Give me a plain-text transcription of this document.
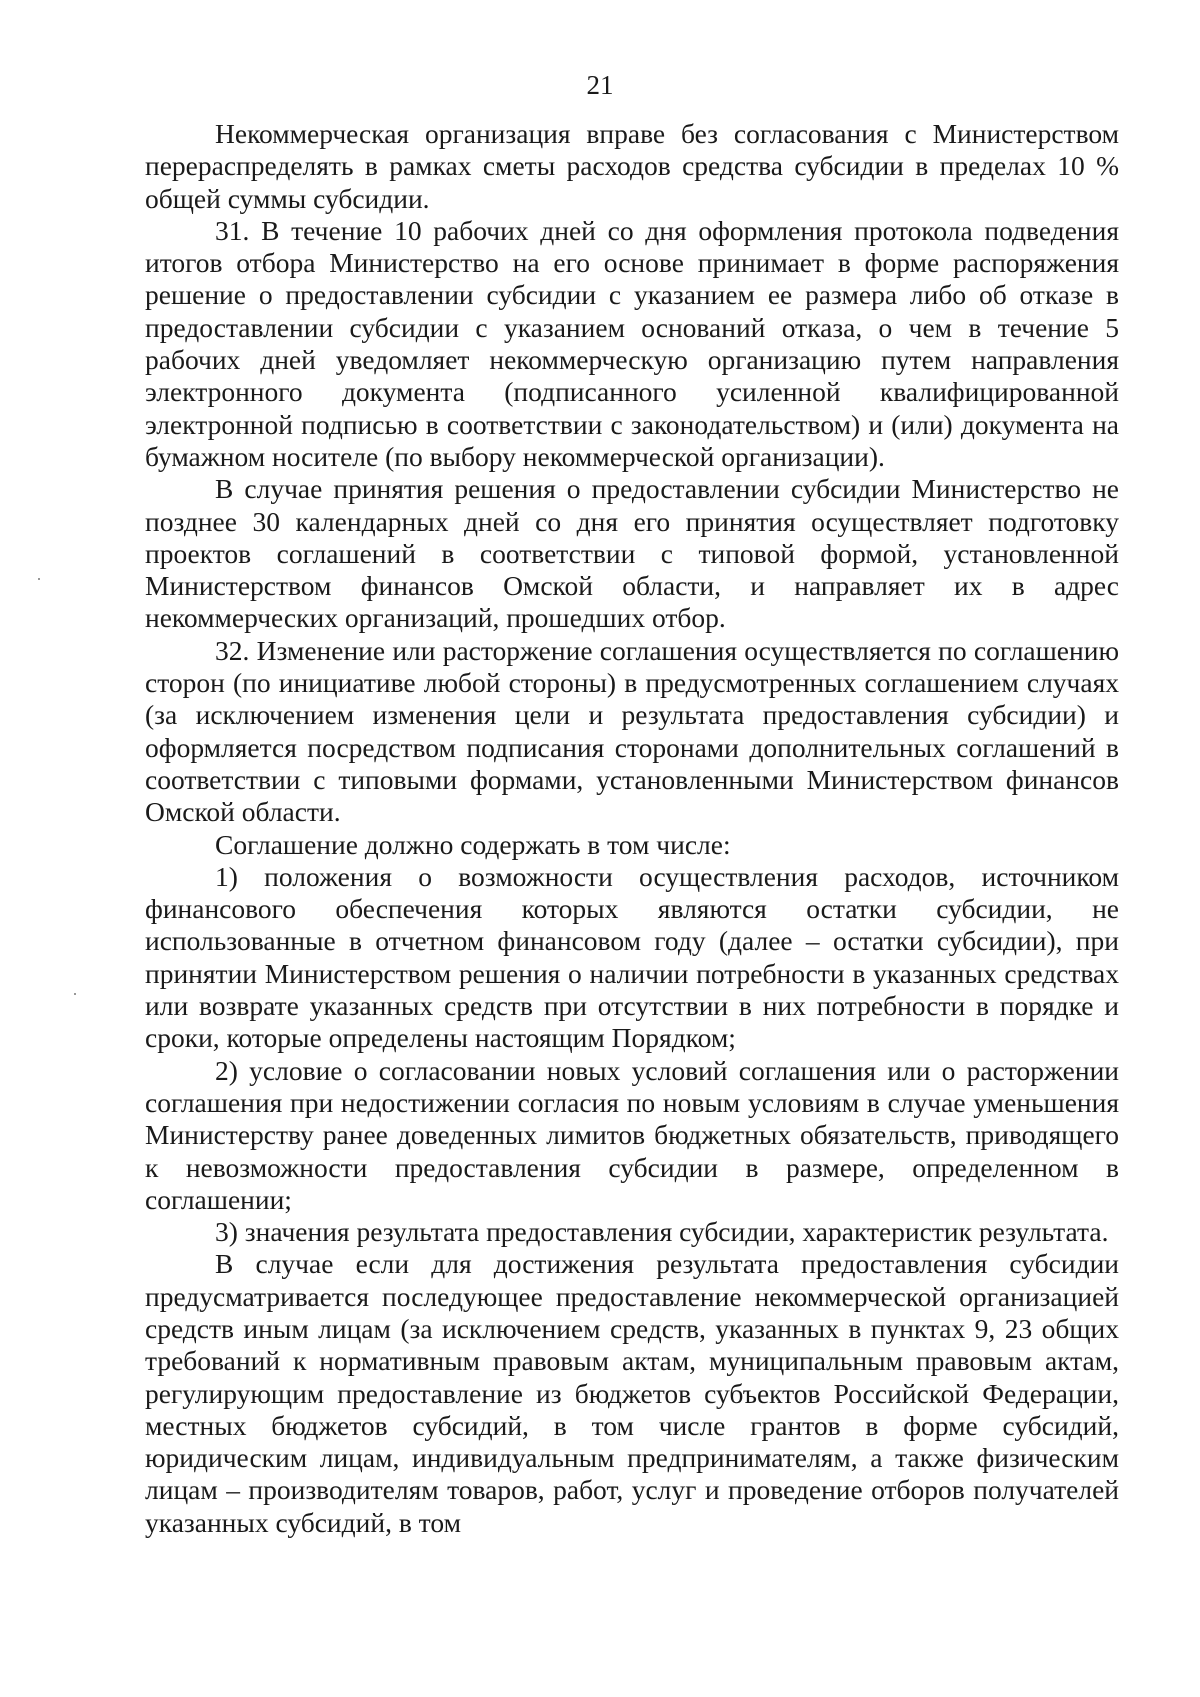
21

Некоммерческая организация вправе без согласования с Министерством перераспределять в рамках сметы расходов средства субсидии в пределах 10 % общей суммы субсидии.

31. В течение 10 рабочих дней со дня оформления протокола подведения итогов отбора Министерство на его основе принимает в форме распоряжения решение о предоставлении субсидии с указанием ее размера либо об отказе в предоставлении субсидии с указанием оснований отказа, о чем в течение 5 рабочих дней уведомляет некоммерческую организацию путем направления электронного документа (подписанного усиленной квалифицированной электронной подписью в соответствии с законодательством) и (или) документа на бумажном носителе (по выбору некоммерческой организации).

В случае принятия решения о предоставлении субсидии Министерство не позднее 30 календарных дней со дня его принятия осуществляет подготовку проектов соглашений в соответствии с типовой формой, установленной Министерством финансов Омской области, и направляет их в адрес некоммерческих организаций, прошедших отбор.

32. Изменение или расторжение соглашения осуществляется по соглашению сторон (по инициативе любой стороны) в предусмотренных соглашением случаях (за исключением изменения цели и результата предоставления субсидии) и оформляется посредством подписания сторонами дополнительных соглашений в соответствии с типовыми формами, установленными Министерством финансов Омской области.

Соглашение должно содержать в том числе:

1) положения о возможности осуществления расходов, источником финансового обеспечения которых являются остатки субсидии, не использованные в отчетном финансовом году (далее – остатки субсидии), при принятии Министерством решения о наличии потребности в указанных средствах или возврате указанных средств при отсутствии в них потребности в порядке и сроки, которые определены настоящим Порядком;

2) условие о согласовании новых условий соглашения или о расторжении соглашения при недостижении согласия по новым условиям в случае уменьшения Министерству ранее доведенных лимитов бюджетных обязательств, приводящего к невозможности предоставления субсидии в размере, определенном в соглашении;

3) значения результата предоставления субсидии, характеристик результата.

В случае если для достижения результата предоставления субсидии предусматривается последующее предоставление некоммерческой организацией средств иным лицам (за исключением средств, указанных в пунктах 9, 23 общих требований к нормативным правовым актам, муниципальным правовым актам, регулирующим предоставление из бюджетов субъектов Российской Федерации, местных бюджетов субсидий, в том числе грантов в форме субсидий, юридическим лицам, индивидуальным предпринимателям, а также физическим лицам – производителям товаров, работ, услуг и проведение отборов получателей указанных субсидий, в том
